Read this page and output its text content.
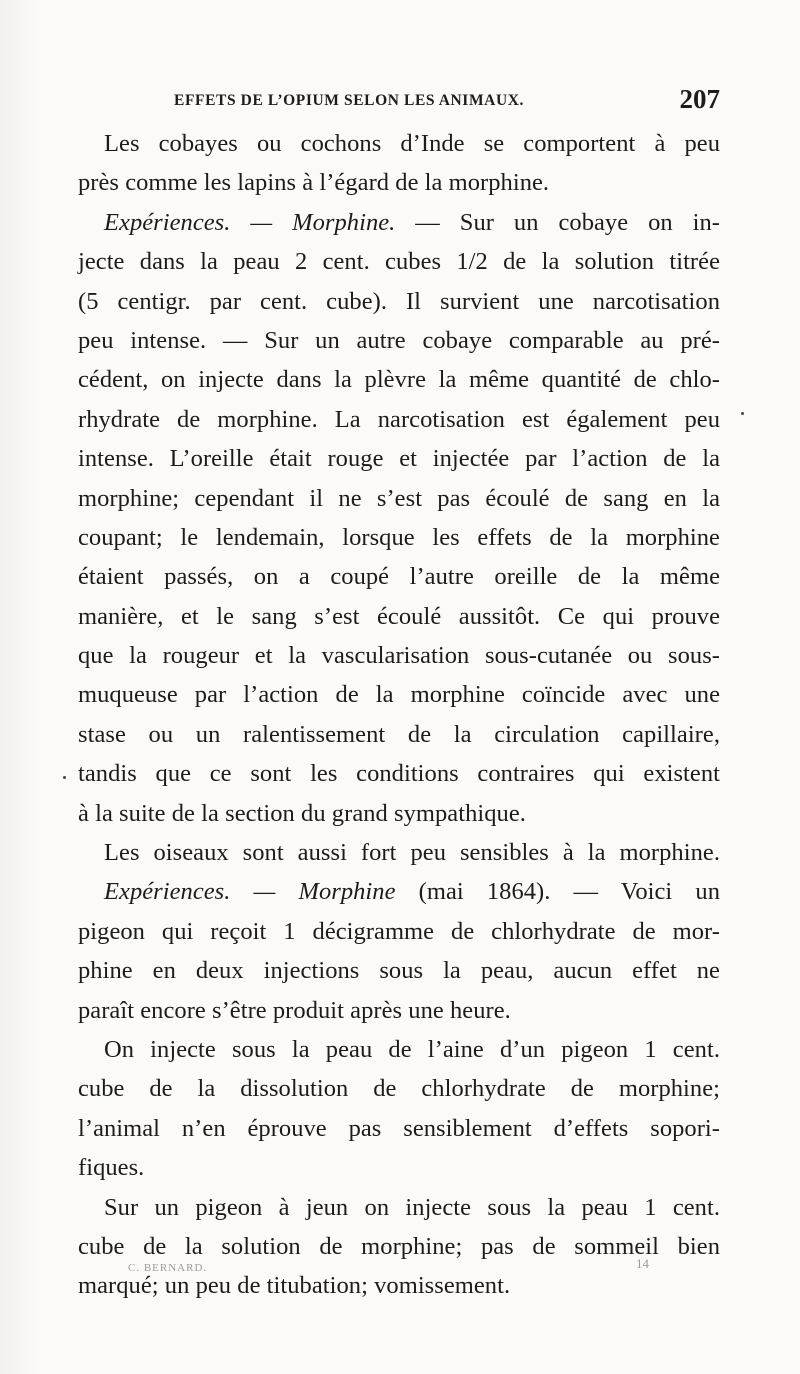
EFFETS DE L’OPIUM SELON LES ANIMAUX.	207
Les cobayes ou cochons d’Inde se comportent à peu
près comme les lapins à l’égard de la morphine.
Expériences. — Morphine. — Sur un cobaye on in-
jecte dans la peau 2 cent. cubes 1/2 de la solution titrée
(5 centigr. par cent. cube). Il survient une narcotisation
peu intense. — Sur un autre cobaye comparable au pré-
cédent, on injecte dans la plèvre la même quantité de chlo-
rhydrate de morphine. La narcotisation est également peu
intense. L’oreille était rouge et injectée par l’action de la
morphine; cependant il ne s’est pas écoulé de sang en la
coupant; le lendemain, lorsque les effets de la morphine
étaient passés, on a coupé l’autre oreille de la même
manière, et le sang s’est écoulé aussitôt. Ce qui prouve
que la rougeur et la vascularisation sous-cutanée ou sous-
muqueuse par l’action de la morphine coïncide avec une
stase ou un ralentissement de la circulation capillaire,
tandis que ce sont les conditions contraires qui existent
à la suite de la section du grand sympathique.
Les oiseaux sont aussi fort peu sensibles à la morphine.
Expériences. — Morphine (mai 1864). — Voici un
pigeon qui reçoit 1 décigramme de chlorhydrate de mor-
phine en deux injections sous la peau, aucun effet ne
paraît encore s’être produit après une heure.
On injecte sous la peau de l’aine d’un pigeon 1 cent.
cube de la dissolution de chlorhydrate de morphine;
l’animal n’en éprouve pas sensiblement d’effets sopori-
fiques.
Sur un pigeon à jeun on injecte sous la peau 1 cent.
cube de la solution de morphine; pas de sommeil bien
marqué; un peu de titubation; vomissement.
C. BERNARD.	14
